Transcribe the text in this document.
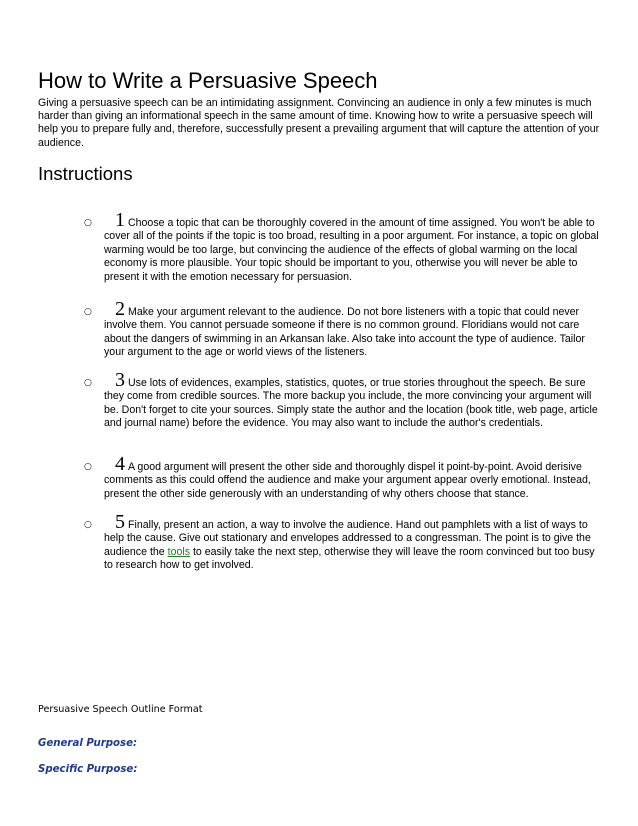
How to Write a Persuasive Speech

Giving a persuasive speech can be an intimidating assignment. Convincing an audience in only a few minutes is much harder than giving an informational speech in the same amount of time. Knowing how to write a persuasive speech will help you to prepare fully and, therefore, successfully present a prevailing argument that will capture the attention of your audience.

Instructions
○	1 Choose a topic that can be thoroughly covered in the amount of time assigned. You won't be able to cover all of the points if the topic is too broad, resulting in a poor argument. For instance, a topic on global warming would be too large, but convincing the audience of the effects of global warming on the local economy is more plausible. Your topic should be important to you, otherwise you will never be able to present it with the emotion necessary for persuasion.
○	2 Make your argument relevant to the audience. Do not bore listeners with a topic that could never involve them. You cannot persuade someone if there is no common ground. Floridians would not care about the dangers of swimming in an Arkansan lake. Also take into account the type of audience. Tailor your argument to the age or world views of the listeners.
○	3 Use lots of evidences, examples, statistics, quotes, or true stories throughout the speech. Be sure they come from credible sources. The more backup you include, the more convincing your argument will be. Don't forget to cite your sources. Simply state the author and the location (book title, web page, article and journal name) before the evidence. You may also want to include the author's credentials.
○	4 A good argument will present the other side and thoroughly dispel it point-by-point. Avoid derisive comments as this could offend the audience and make your argument appear overly emotional. Instead, present the other side generously with an understanding of why others choose that stance.
○	5 Finally, present an action, a way to involve the audience. Hand out pamphlets with a list of ways to help the cause. Give out stationary and envelopes addressed to a congressman. The point is to give the audience the tools to easily take the next step, otherwise they will leave the room convinced but too busy to research how to get involved.
Persuasive Speech Outline Format
General Purpose:
Specific Purpose:
